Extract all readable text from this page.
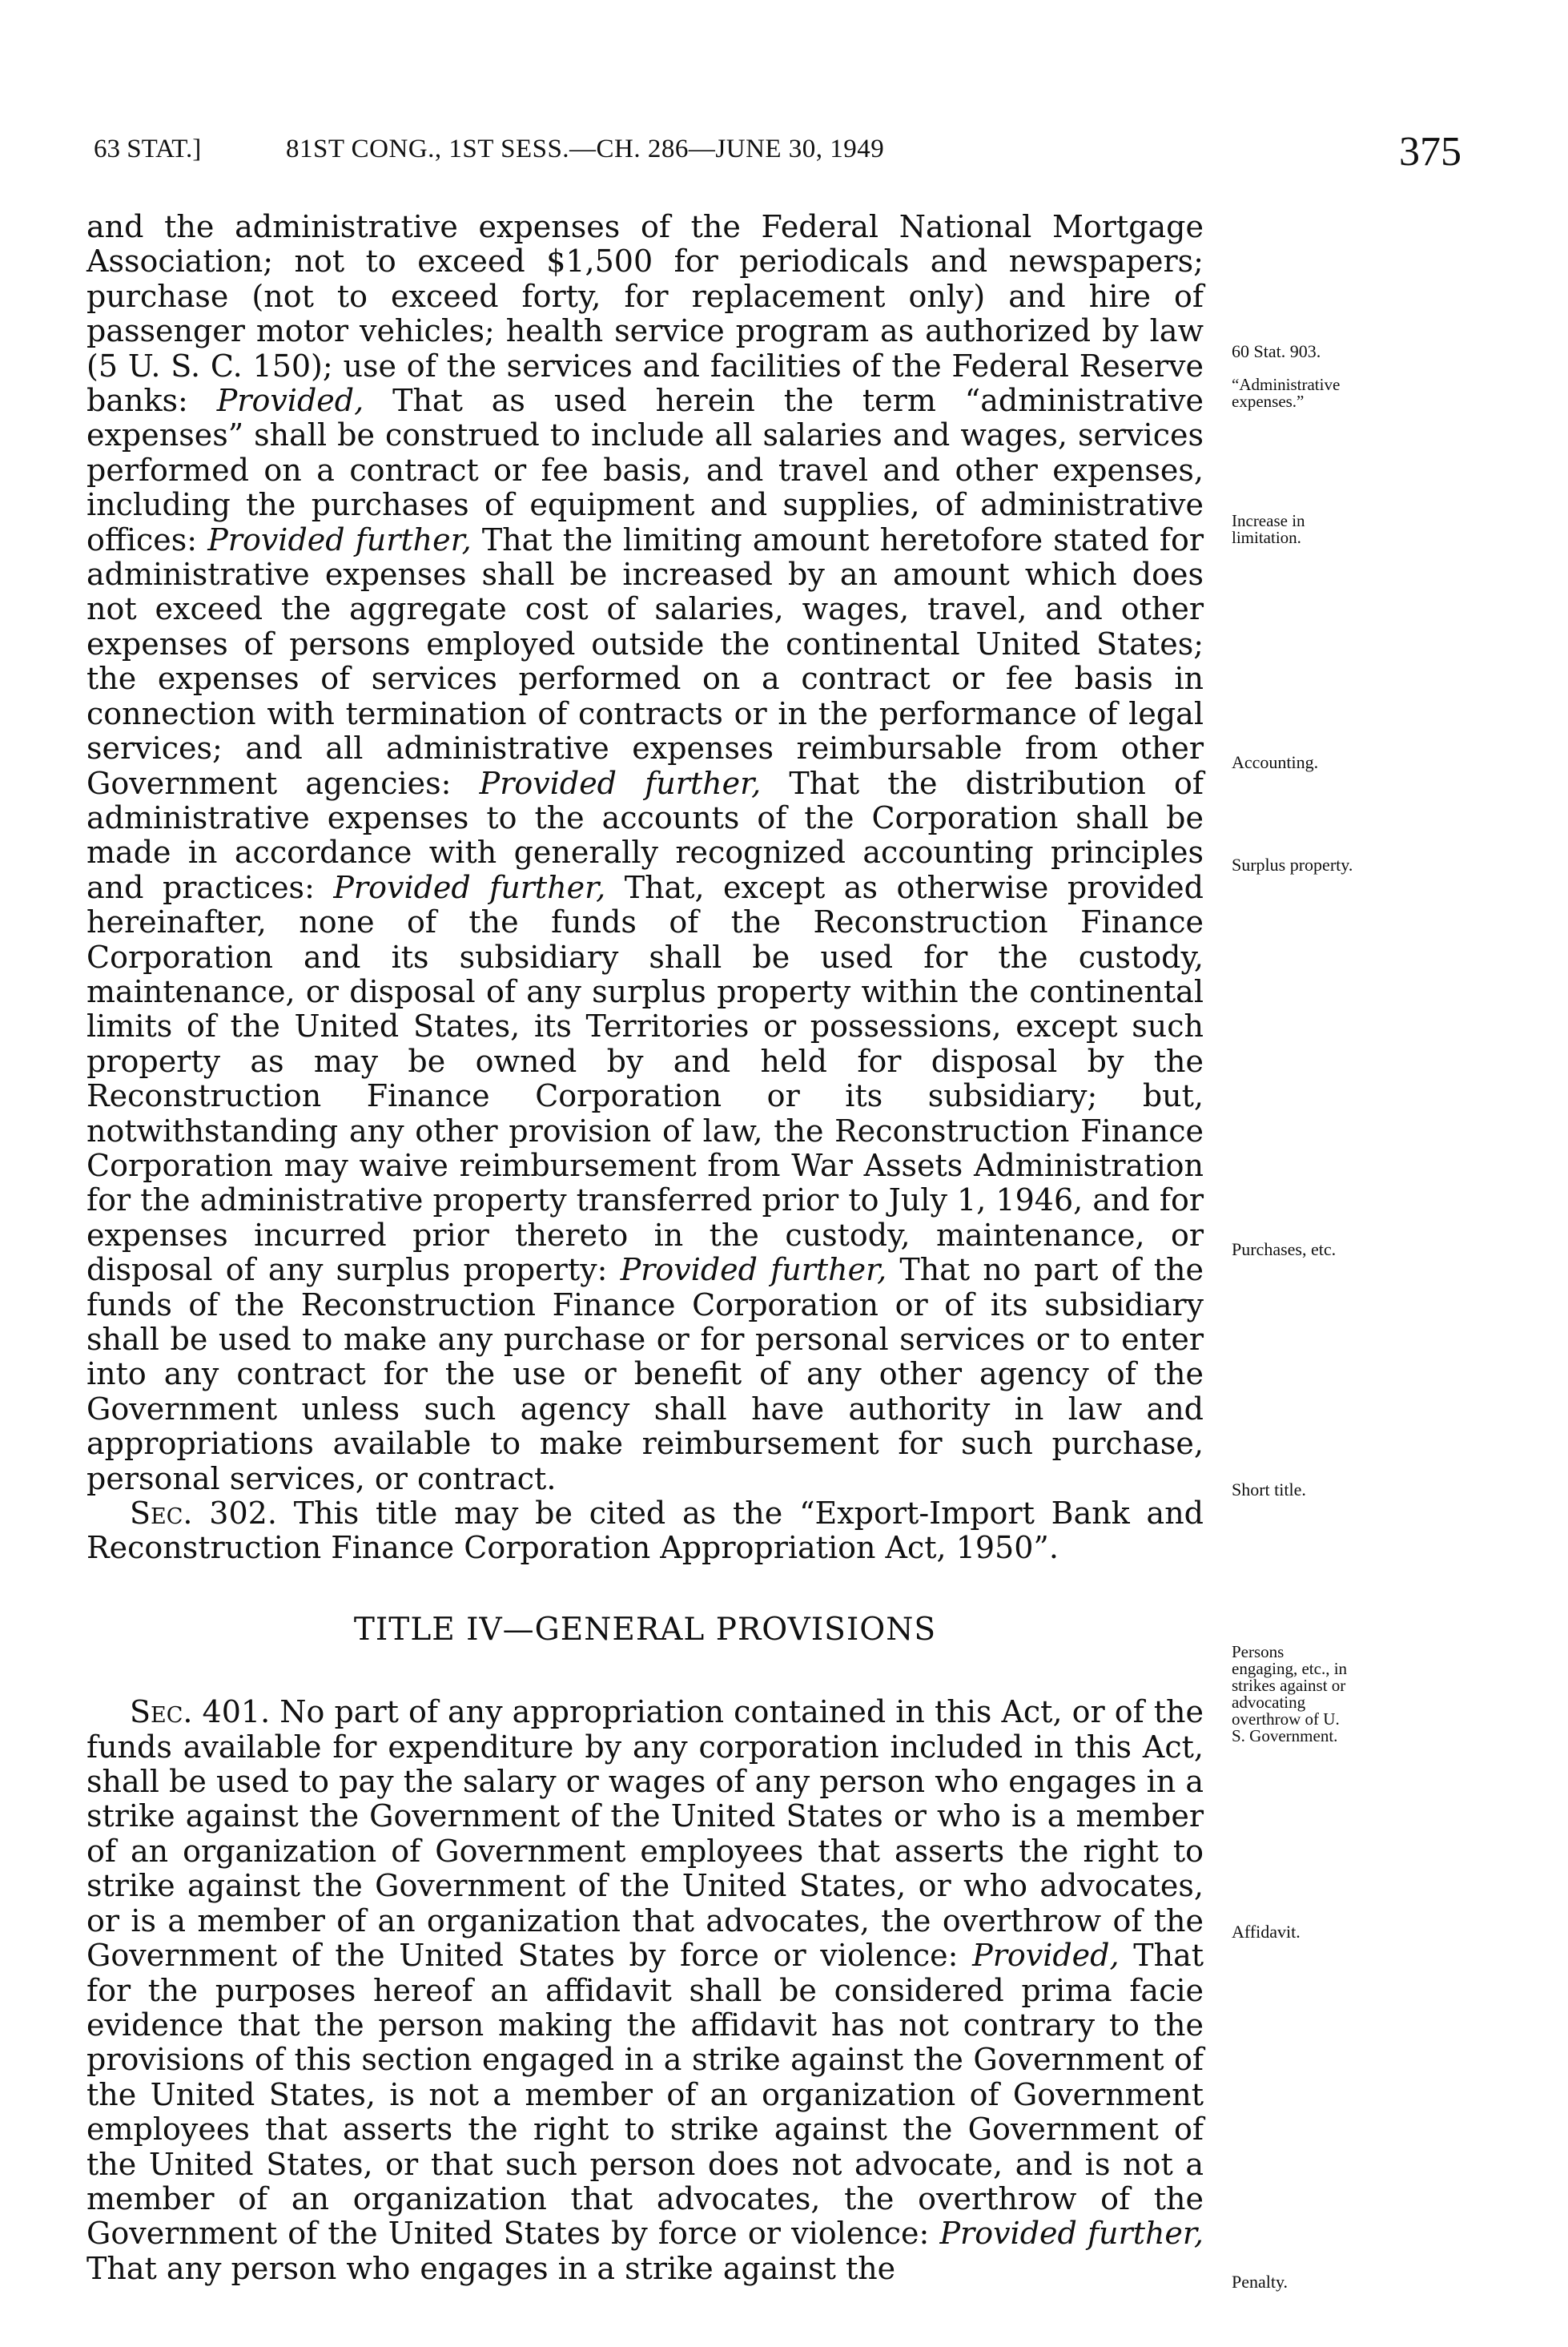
63 STAT.]	81ST CONG., 1ST SESS.—CH. 286—JUNE 30, 1949	375

and the administrative expenses of the Federal National Mortgage Association; not to exceed $1,500 for periodicals and newspapers; purchase (not to exceed forty, for replacement only) and hire of passenger motor vehicles; health service program as authorized by law (5 U. S. C. 150); use of the services and facilities of the Federal Reserve banks: Provided, That as used herein the term “administrative expenses” shall be construed to include all salaries and wages, services performed on a contract or fee basis, and travel and other expenses, including the purchases of equipment and supplies, of administrative offices: Provided further, That the limiting amount heretofore stated for administrative expenses shall be increased by an amount which does not exceed the aggregate cost of salaries, wages, travel, and other expenses of persons employed outside the continental United States; the expenses of services performed on a contract or fee basis in connection with termination of contracts or in the performance of legal services; and all administrative expenses reimbursable from other Government agencies: Provided further, That the distribution of administrative expenses to the accounts of the Corporation shall be made in accordance with generally recognized accounting principles and practices: Provided further, That, except as otherwise provided hereinafter, none of the funds of the Reconstruction Finance Corporation and its subsidiary shall be used for the custody, maintenance, or disposal of any surplus property within the continental limits of the United States, its Territories or possessions, except such property as may be owned by and held for disposal by the Reconstruction Finance Corporation or its subsidiary; but, notwithstanding any other provision of law, the Reconstruction Finance Corporation may waive reimbursement from War Assets Administration for the administrative property transferred prior to July 1, 1946, and for expenses incurred prior thereto in the custody, maintenance, or disposal of any surplus property: Provided further, That no part of the funds of the Reconstruction Finance Corporation or of its subsidiary shall be used to make any purchase or for personal services or to enter into any contract for the use or benefit of any other agency of the Government unless such agency shall have authority in law and appropriations available to make reimbursement for such purchase, personal services, or contract.

Sec. 302. This title may be cited as the “Export-Import Bank and Reconstruction Finance Corporation Appropriation Act, 1950”.

TITLE IV—GENERAL PROVISIONS

Sec. 401. No part of any appropriation contained in this Act, or of the funds available for expenditure by any corporation included in this Act, shall be used to pay the salary or wages of any person who engages in a strike against the Government of the United States or who is a member of an organization of Government employees that asserts the right to strike against the Government of the United States, or who advocates, or is a member of an organization that advocates, the overthrow of the Government of the United States by force or violence: Provided, That for the purposes hereof an affidavit shall be considered prima facie evidence that the person making the affidavit has not contrary to the provisions of this section engaged in a strike against the Government of the United States, is not a member of an organization of Government employees that asserts the right to strike against the Government of the United States, or that such person does not advocate, and is not a member of an organization that advocates, the overthrow of the Government of the United States by force or violence: Provided further, That any person who engages in a strike against the

60 Stat. 903.
“Administrative expenses.”
Increase in limitation.
Accounting.
Surplus property.
Purchases, etc.
Short title.
Persons engaging, etc., in strikes against or advocating overthrow of U. S. Government.
Affidavit.
Penalty.
